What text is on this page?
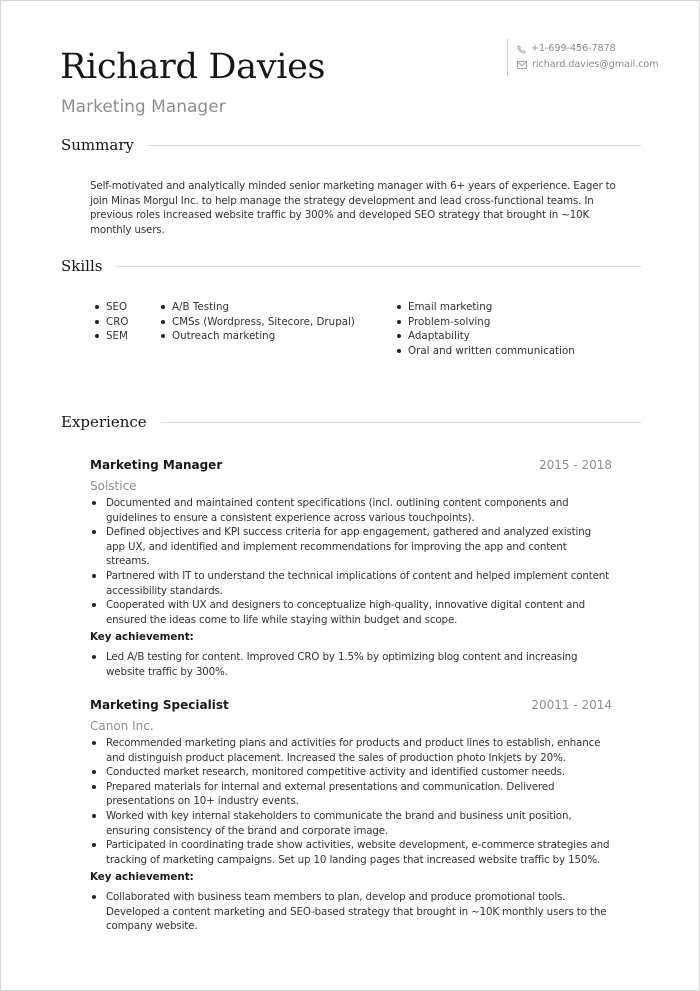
Richard Davies
Marketing Manager
+1-699-456-7878
richard.davies@gmail.com
Summary

Self-motivated and analytically minded senior marketing manager with 6+ years of experience. Eager to join Minas Morgul Inc. to help manage the strategy development and lead cross-functional teams. In previous roles increased website traffic by 300% and developed SEO strategy that brought in ~10K monthly users.

Skills
SEO
CRO
SEM
A/B Testing
CMSs (Wordpress, Sitecore, Drupal)
Outreach marketing
Email marketing
Problem-solving
Adaptability
Oral and written communication
Experience
Marketing Manager	2015 - 2018
Solstice
Documented and maintained content specifications (incl. outlining content components and guidelines to ensure a consistent experience across various touchpoints).
Defined objectives and KPI success criteria for app engagement, gathered and analyzed existing app UX, and identified and implement recommendations for improving the app and content streams.
Partnered with IT to understand the technical implications of content and helped implement content accessibility standards.
Cooperated with UX and designers to conceptualize high-quality, innovative digital content and ensured the ideas come to life while staying within budget and scope.
Key achievement:
Led A/B testing for content. Improved CRO by 1.5% by optimizing blog content and increasing website traffic by 300%.
Marketing Specialist	20011 - 2014
Canon Inc.
Recommended marketing plans and activities for products and product lines to establish, enhance and distinguish product placement. Increased the sales of production photo Inkjets by 20%.
Conducted market research, monitored competitive activity and identified customer needs.
Prepared materials for internal and external presentations and communication. Delivered presentations on 10+ industry events.
Worked with key internal stakeholders to communicate the brand and business unit position, ensuring consistency of the brand and corporate image.
Participated in coordinating trade show activities, website development, e-commerce strategies and tracking of marketing campaigns. Set up 10 landing pages that increased website traffic by 150%.
Key achievement:
Collaborated with business team members to plan, develop and produce promotional tools. Developed a content marketing and SEO-based strategy that brought in ~10K monthly users to the company website.
